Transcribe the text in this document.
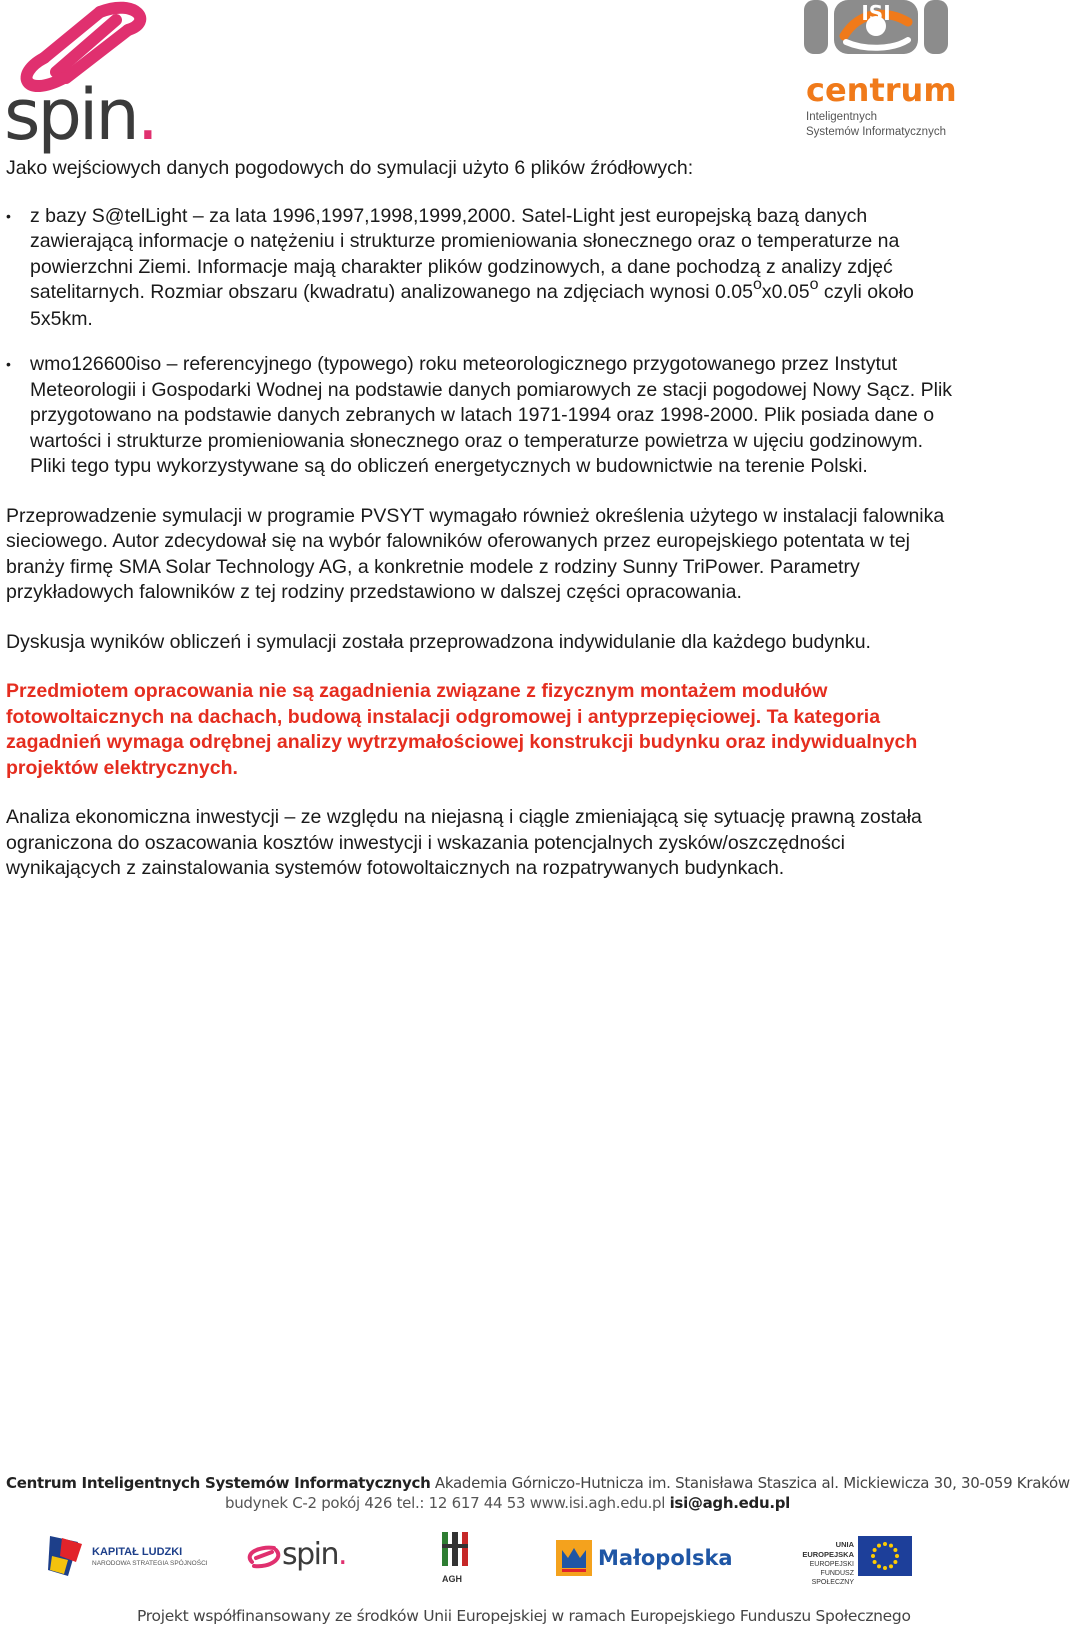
spin.
ISI
centrum
Inteligentnych
Systemów Informatycznych

Jako wejściowych danych pogodowych do symulacji użyto 6 plików źródłowych:

• z bazy S@telLight – za lata 1996,1997,1998,1999,2000. Satel-Light jest europejską bazą danych zawierającą informacje o natężeniu i strukturze promieniowania słonecznego oraz o temperaturze na powierzchni Ziemi. Informacje mają charakter plików godzinowych, a dane pochodzą z analizy zdjęć satelitarnych. Rozmiar obszaru (kwadratu) analizowanego na zdjęciach wynosi 0.05$^o$x0.05$^o$ czyli około 5x5km.
• wmo126600iso – referencyjnego (typowego) roku meteorologicznego przygotowanego przez Instytut Meteorologii i Gospodarki Wodnej na podstawie danych pomiarowych ze stacji pogodowej Nowy Sącz. Plik przygotowano na podstawie danych zebranych w latach 1971-1994 oraz 1998-2000. Plik posiada dane o wartości i strukturze promieniowania słonecznego oraz o temperaturze powietrza w ujęciu godzinowym. Pliki tego typu wykorzystywane są do obliczeń energetycznych w budownictwie na terenie Polski.

Przeprowadzenie symulacji w programie PVSYT wymagało również określenia użytego w instalacji falownika sieciowego. Autor zdecydował się na wybór falowników oferowanych przez europejskiego potentata w tej branży firmę SMA Solar Technology AG, a konkretnie modele z rodziny Sunny TriPower. Parametry przykładowych falowników z tej rodziny przedstawiono w dalszej części opracowania.

Dyskusja wyników obliczeń i symulacji została przeprowadzona indywidulanie dla każdego budynku.

Przedmiotem opracowania nie są zagadnienia związane z fizycznym montażem modułów fotowoltaicznych na dachach, budową instalacji odgromowej i antyprzepięciowej. Ta kategoria zagadnień wymaga odrębnej analizy wytrzymałościowej konstrukcji budynku oraz indywidualnych projektów elektrycznych.

Analiza ekonomiczna inwestycji – ze względu na niejasną i ciągle zmieniającą się sytuację prawną została ograniczona do oszacowania kosztów inwestycji i wskazania potencjalnych zysków/oszczędności wynikających z zainstalowania systemów fotowoltaicznych na rozpatrywanych budynkach.

Centrum Inteligentnych Systemów Informatycznych Akademia Górniczo-Hutnicza im. Stanisława Staszica al. Mickiewicza 30, 30-059 Kraków
budynek C-2 pokój 426 tel.: 12 617 44 53 www.isi.agh.edu.pl isi@agh.edu.pl
KAPITAŁ LUDZKI
NARODOWA STRATEGIA SPÓJNOŚCI spin.
AGH
Małopolska
UNIA EUROPEJSKA
EUROPEJSKI
FUNDUSZ SPOŁECZNY
Projekt współfinansowany ze środków Unii Europejskiej w ramach Europejskiego Funduszu Społecznego
